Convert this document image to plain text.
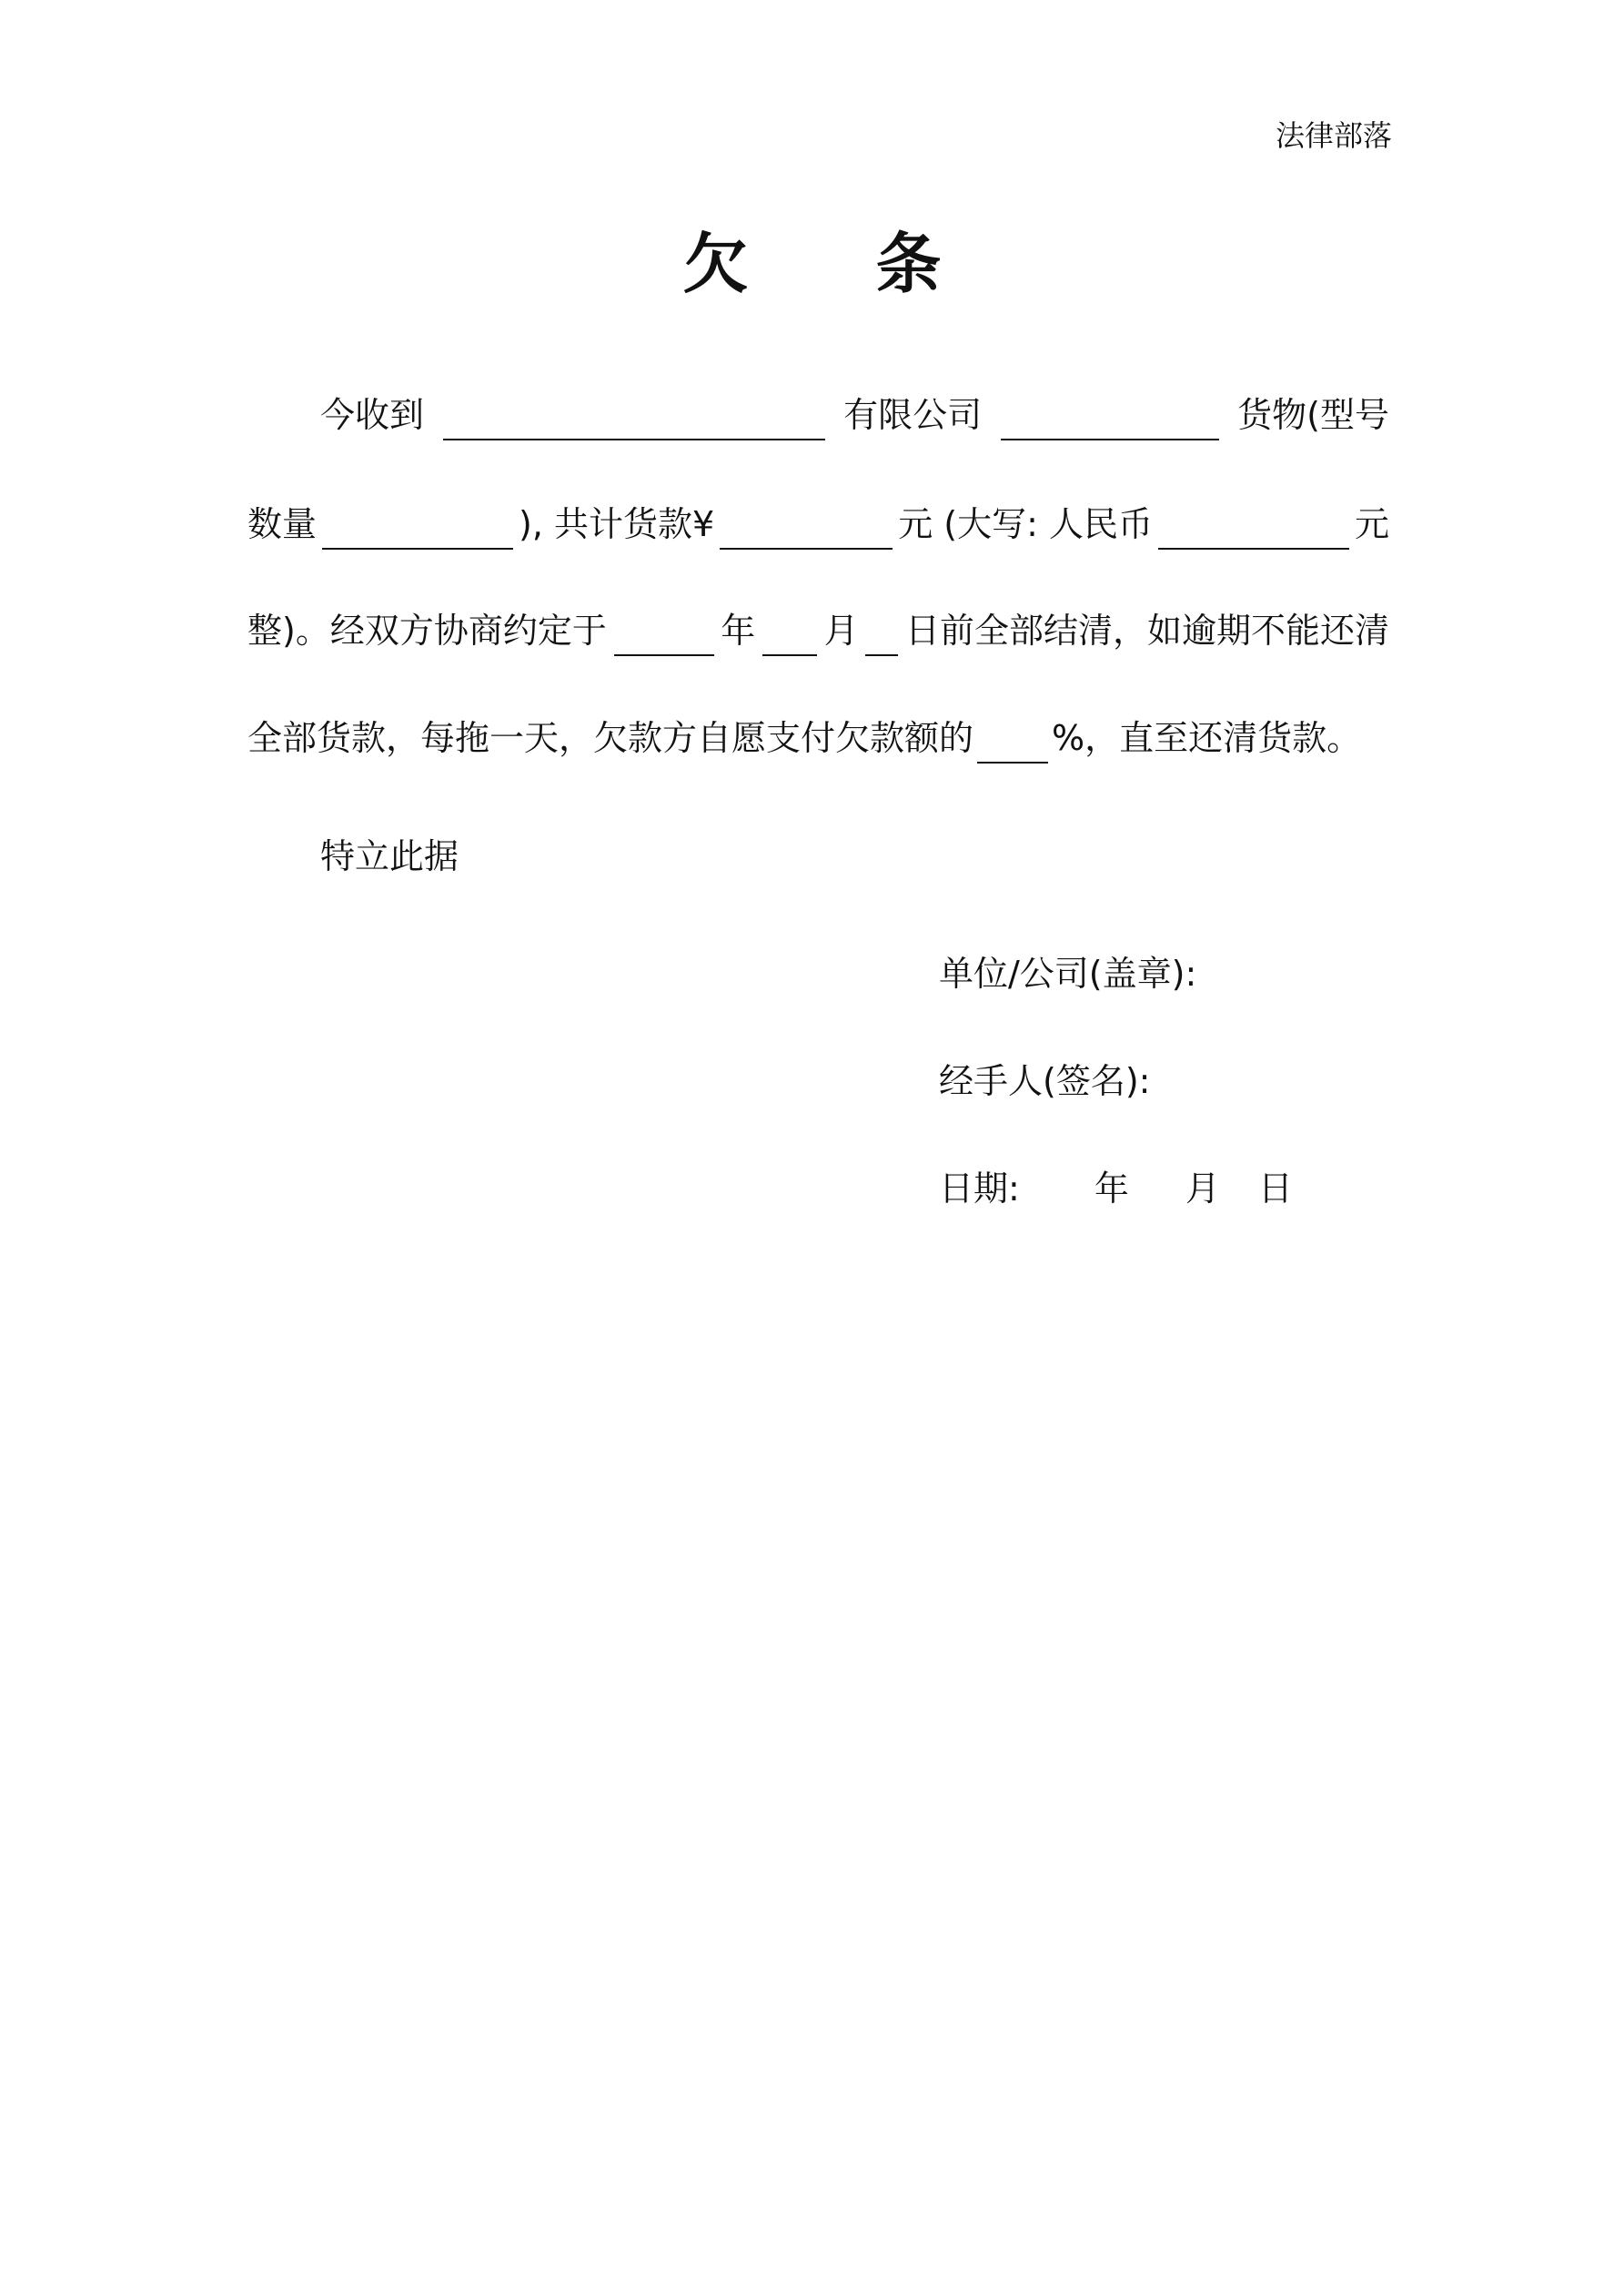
法律部落
欠 条
今收到	有限公司	货物(型号
数量	), 共计货款¥	元 (大写: 人民币	元
整)。经双方协商约定于	年 月 日前全部结清，如逾期不能还清
全部货款，每拖一天，欠款方自愿支付欠款额的 %，直至还清货款。
特立此据
单位/公司(盖章):
经手人(签名):
日期: 年 月 日
